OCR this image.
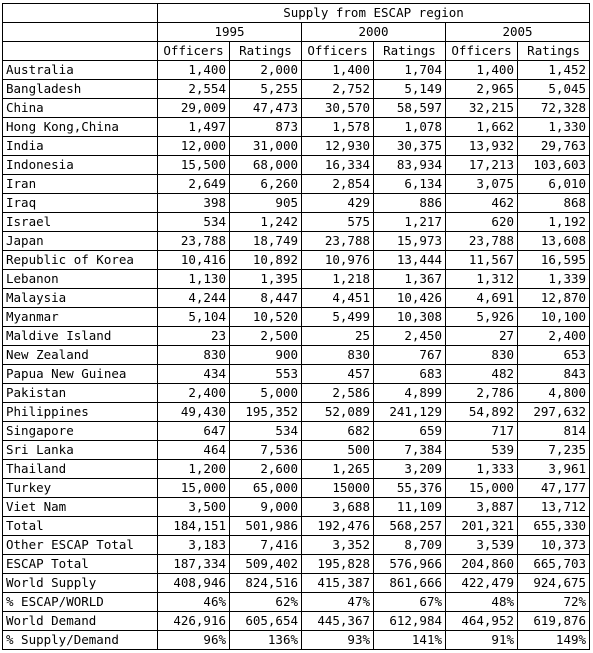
	Supply from ESCAP region					
	1995		2000		2005	
	Officers	Ratings	Officers	Ratings	Officers	Ratings
Australia	1,400	2,000	1,400	1,704	1,400	1,452
Bangladesh	2,554	5,255	2,752	5,149	2,965	5,045
China	29,009	47,473	30,570	58,597	32,215	72,328
Hong Kong,China	1,497	873	1,578	1,078	1,662	1,330
India	12,000	31,000	12,930	30,375	13,932	29,763
Indonesia	15,500	68,000	16,334	83,934	17,213	103,603
Iran	2,649	6,260	2,854	6,134	3,075	6,010
Iraq	398	905	429	886	462	868
Israel	534	1,242	575	1,217	620	1,192
Japan	23,788	18,749	23,788	15,973	23,788	13,608
Republic of Korea	10,416	10,892	10,976	13,444	11,567	16,595
Lebanon	1,130	1,395	1,218	1,367	1,312	1,339
Malaysia	4,244	8,447	4,451	10,426	4,691	12,870
Myanmar	5,104	10,520	5,499	10,308	5,926	10,100
Maldive Island	23	2,500	25	2,450	27	2,400
New Zealand	830	900	830	767	830	653
Papua New Guinea	434	553	457	683	482	843
Pakistan	2,400	5,000	2,586	4,899	2,786	4,800
Philippines	49,430	195,352	52,089	241,129	54,892	297,632
Singapore	647	534	682	659	717	814
Sri Lanka	464	7,536	500	7,384	539	7,235
Thailand	1,200	2,600	1,265	3,209	1,333	3,961
Turkey	15,000	65,000	15000	55,376	15,000	47,177
Viet Nam	3,500	9,000	3,688	11,109	3,887	13,712
Total	184,151	501,986	192,476	568,257	201,321	655,330
Other ESCAP Total	3,183	7,416	3,352	8,709	3,539	10,373
ESCAP Total	187,334	509,402	195,828	576,966	204,860	665,703
World Supply	408,946	824,516	415,387	861,666	422,479	924,675
% ESCAP/WORLD	46%	62%	47%	67%	48%	72%
World Demand	426,916	605,654	445,367	612,984	464,952	619,876
% Supply/Demand	96%	136%	93%	141%	91%	149%
